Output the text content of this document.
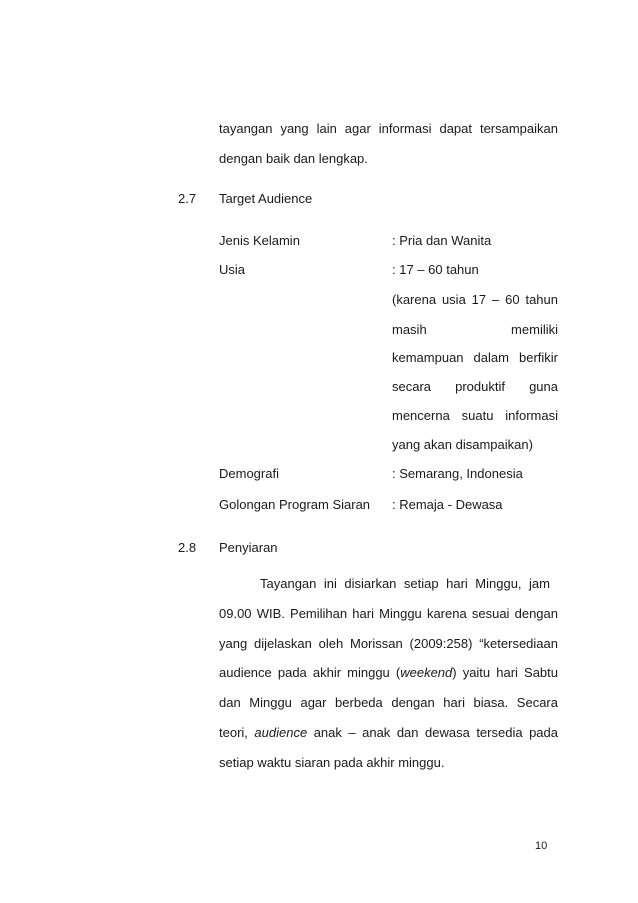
tayangan yang lain agar informasi dapat tersampaikan
dengan baik dan lengkap.
2.7 Target Audience
Jenis Kelamin	: Pria dan Wanita
Usia	: 17 – 60 tahun
(karena usia 17 – 60 tahun
masih memiliki
kemampuan dalam berfikir
secara produktif guna
mencerna suatu informasi
yang akan disampaikan)
Demografi	: Semarang, Indonesia
Golongan Program Siaran : Remaja - Dewasa
2.8 Penyiaran
Tayangan ini disiarkan setiap hari Minggu, jam
09.00 WIB. Pemilihan hari Minggu karena sesuai dengan
yang dijelaskan oleh Morissan (2009:258) “ketersediaan
audience pada akhir minggu (weekend) yaitu hari Sabtu
dan Minggu agar berbeda dengan hari biasa. Secara
teori, audience anak – anak dan dewasa tersedia pada
setiap waktu siaran pada akhir minggu.
10
